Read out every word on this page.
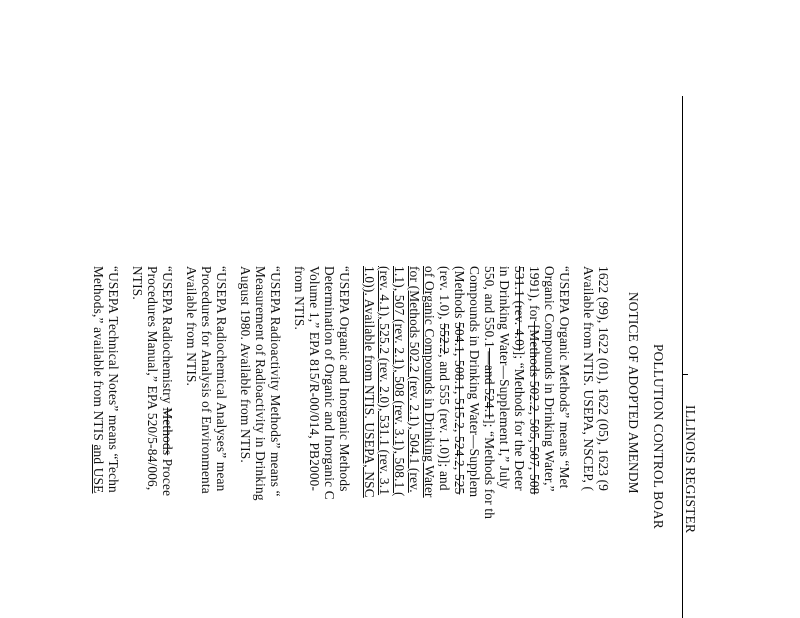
ILLINOIS REGISTER
POLLUTION CONTROL BOAR
NOTICE OF ADOPTED AMENDM
1622 (99), 1622 (01), 1622 (05), 1623 (9
Available from NTIS. USEPA, NSCEP, (
“USEPA Organic Methods” means “Met
Organic Compounds in Drinking Water,”
1991), for [Methods 502.2, 505, 507, 508
531.1 (rev. 4.0)]; “Methods for the Deter
in Drinking Water—Supplement I,” July
550, and 550.1 —and 524.1]; “Methods for th
Compounds in Drinking Water—Supplem
(Methods 504.1, 508.1, 515.2, 524.2, 525
(rev. 1.0), 552.2, and 555 (rev. 1.0)]; and
of Organic Compounds in Drinking Water
for (Methods 502.2 (rev. 2.1), 504.1 (rev.
1.1), 507 (rev. 2.1), 508 (rev. 3.1), 508.1 (
(rev. 4.1), 525.2 (rev. 2.0), 531.1 (rev. 3.1
1.0)). Available from NTIS. USEPA, NSC
“USEPA Organic and Inorganic Methods
Determination of Organic and Inorganic C
Volume 1,” EPA 815/R-00/014, PB2000-
from NTIS.
“USEPA Radioactivity Methods” means “
Measurement of Radioactivity in Drinking
August 1980. Available from NTIS.
“USEPA Radiochemical Analyses” mean
Procedures for Analysis of Environmenta
Available from NTIS.
“USEPA Radiochemistry Methods Procee
Procedures Manual,” EPA 520/5-84/006,
NTIS.
“USEPA Technical Notes” means “Techn
Methods,” available from NTIS and USE
